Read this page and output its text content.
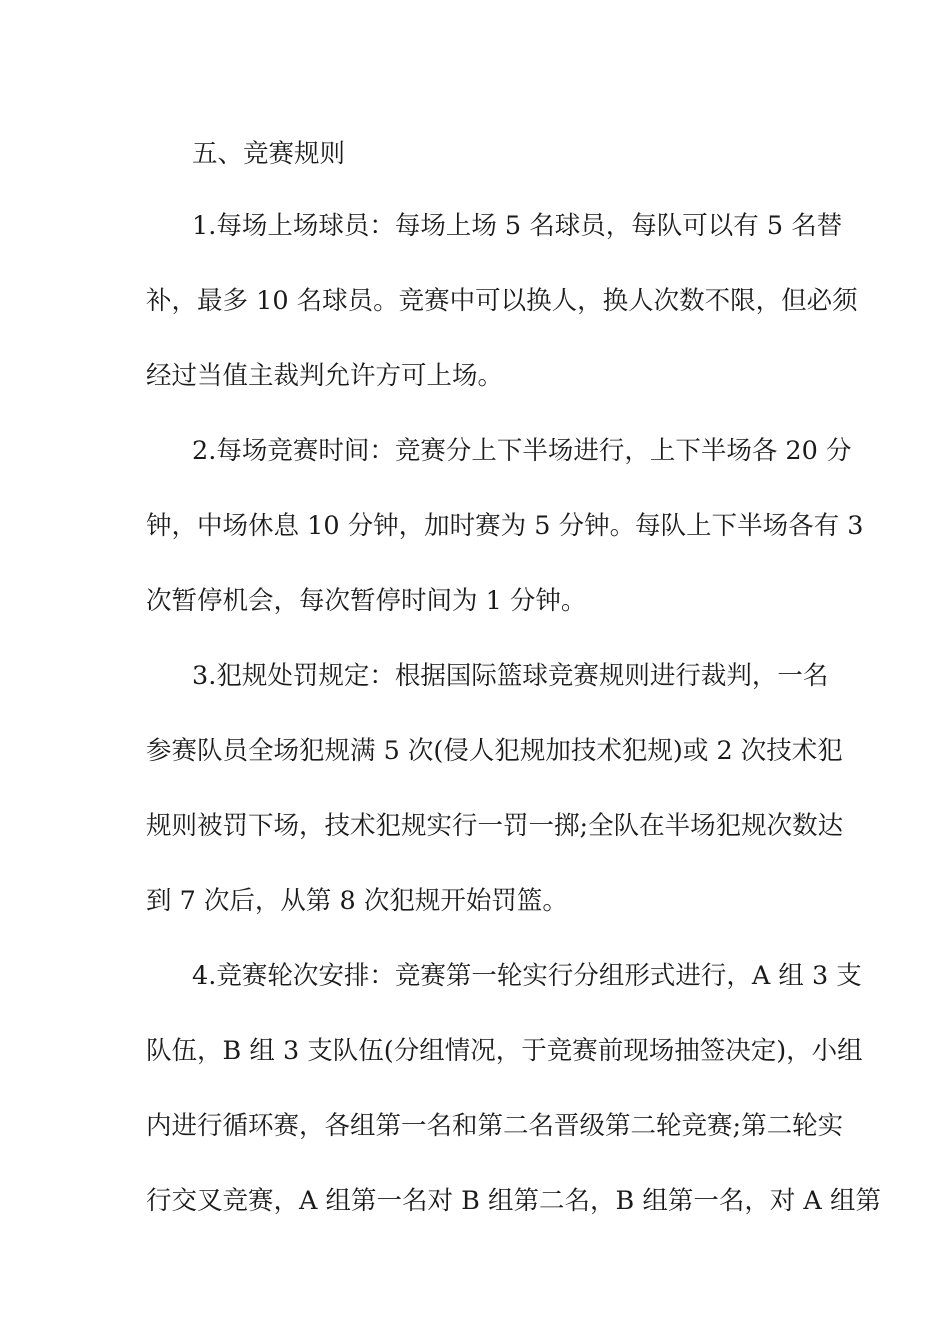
五、竞赛规则
1.每场上场球员：每场上场 5 名球员，每队可以有 5 名替
补，最多 10 名球员。竞赛中可以换人，换人次数不限，但必须
经过当值主裁判允许方可上场。
2.每场竞赛时间：竞赛分上下半场进行，上下半场各 20 分
钟，中场休息 10 分钟，加时赛为 5 分钟。每队上下半场各有 3
次暂停机会，每次暂停时间为 1 分钟。
3.犯规处罚规定：根据国际篮球竞赛规则进行裁判，一名
参赛队员全场犯规满 5 次(侵人犯规加技术犯规)或 2 次技术犯
规则被罚下场，技术犯规实行一罚一掷;全队在半场犯规次数达
到 7 次后，从第 8 次犯规开始罚篮。
4.竞赛轮次安排：竞赛第一轮实行分组形式进行，A 组 3 支
队伍，B 组 3 支队伍(分组情况，于竞赛前现场抽签决定)，小组
内进行循环赛，各组第一名和第二名晋级第二轮竞赛;第二轮实
行交叉竞赛，A 组第一名对 B 组第二名，B 组第一名，对 A 组第
